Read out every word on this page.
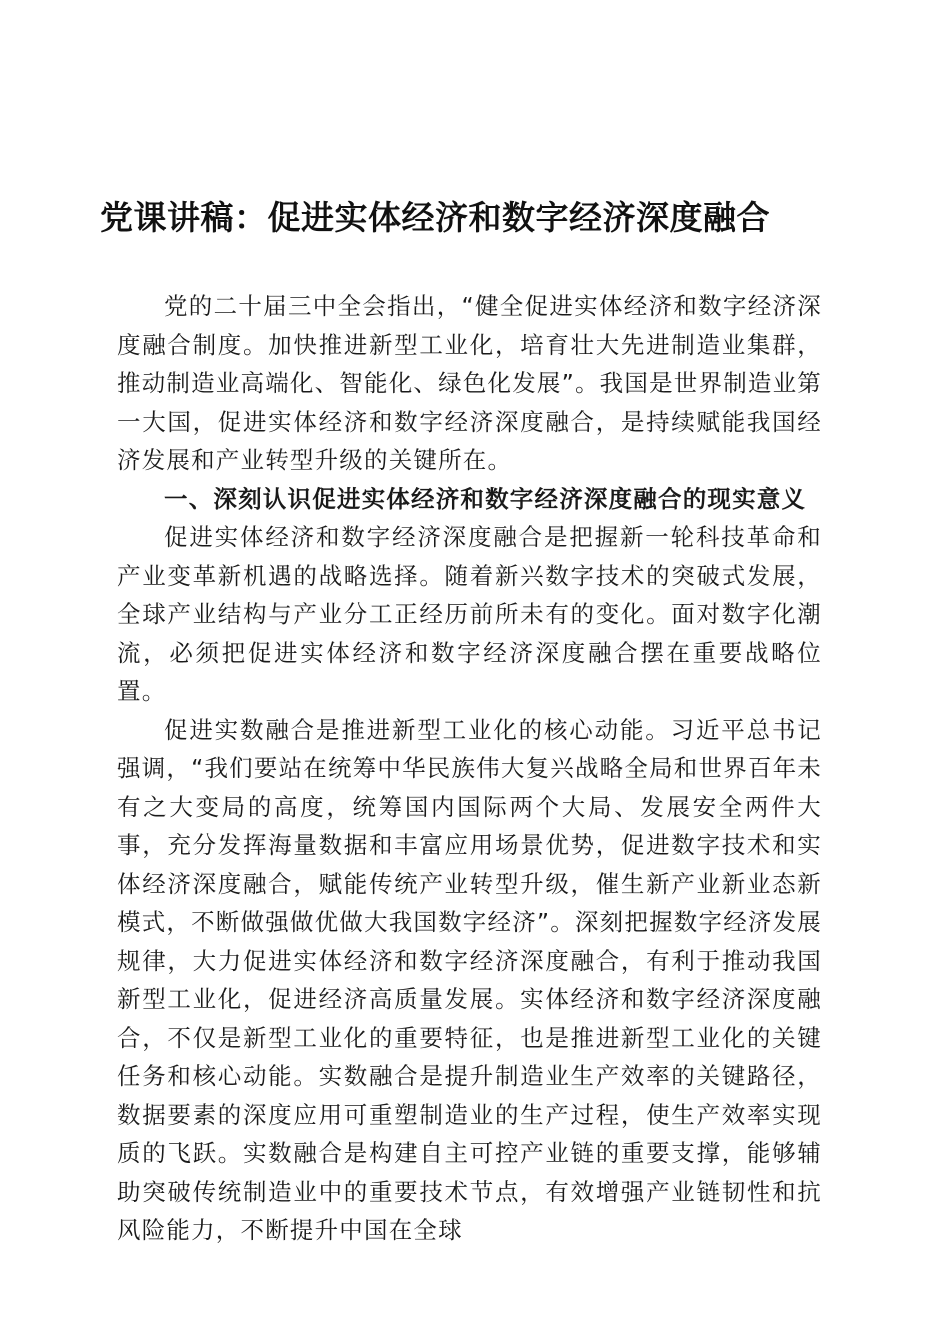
党课讲稿：促进实体经济和数字经济深度融合

党的二十届三中全会指出，“健全促进实体经济和数字经济深度融合制度。加快推进新型工业化，培育壮大先进制造业集群，推动制造业高端化、智能化、绿色化发展”。我国是世界制造业第一大国，促进实体经济和数字经济深度融合，是持续赋能我国经济发展和产业转型升级的关键所在。

一、深刻认识促进实体经济和数字经济深度融合的现实意义

促进实体经济和数字经济深度融合是把握新一轮科技革命和产业变革新机遇的战略选择。随着新兴数字技术的突破式发展，全球产业结构与产业分工正经历前所未有的变化。面对数字化潮流，必须把促进实体经济和数字经济深度融合摆在重要战略位置。

促进实数融合是推进新型工业化的核心动能。习近平总书记强调，“我们要站在统筹中华民族伟大复兴战略全局和世界百年未有之大变局的高度，统筹国内国际两个大局、发展安全两件大事，充分发挥海量数据和丰富应用场景优势，促进数字技术和实体经济深度融合，赋能传统产业转型升级，催生新产业新业态新模式，不断做强做优做大我国数字经济”。深刻把握数字经济发展规律，大力促进实体经济和数字经济深度融合，有利于推动我国新型工业化，促进经济高质量发展。实体经济和数字经济深度融合，不仅是新型工业化的重要特征，也是推进新型工业化的关键任务和核心动能。实数融合是提升制造业生产效率的关键路径，数据要素的深度应用可重塑制造业的生产过程，使生产效率实现质的飞跃。实数融合是构建自主可控产业链的重要支撑，能够辅助突破传统制造业中的重要技术节点，有效增强产业链韧性和抗风险能力，不断提升中国在全球
